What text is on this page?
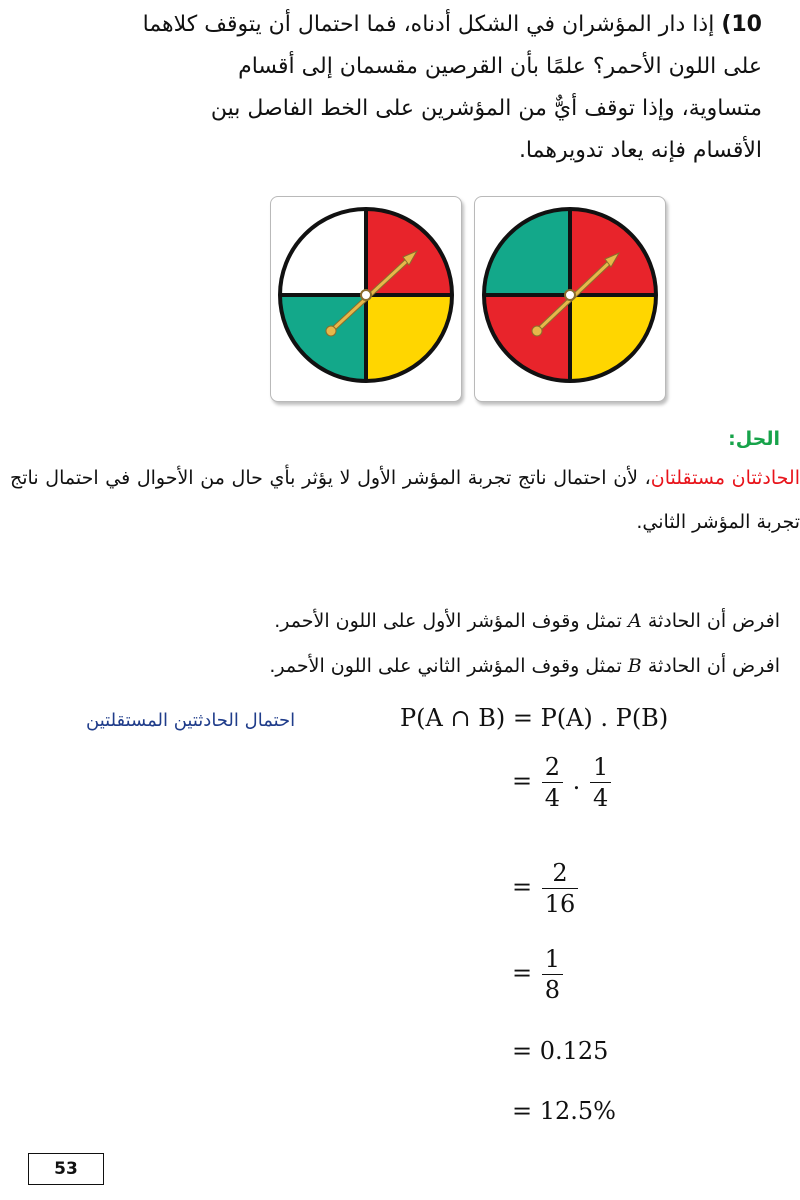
10) إذا دار المؤشران في الشكل أدناه، فما احتمال أن يتوقف كلاهما
على اللون الأحمر؟ علمًا بأن القرصين مقسمان إلى أقسام
متساوية، وإذا توقف أيٌّ من المؤشرين على الخط الفاصل بين
الأقسام فإنه يعاد تدويرهما.
الحل:
الحادثتان مستقلتان، لأن احتمال ناتج تجربة المؤشر الأول لا يؤثر بأي حال من الأحوال في احتمال ناتج تجربة المؤشر الثاني.
افرض أن الحادثة A تمثل وقوف المؤشر الأول على اللون الأحمر.
افرض أن الحادثة B تمثل وقوف المؤشر الثاني على اللون الأحمر.
احتمال الحادثتين المستقلتين	P(A ∩ B) = P(A) . P(B)
= $\frac{2}{4}$ . $\frac{1}{4}$
= $\frac{2}{16}$
= $\frac{1}{8}$
= 0.125
= 12.5%
53
